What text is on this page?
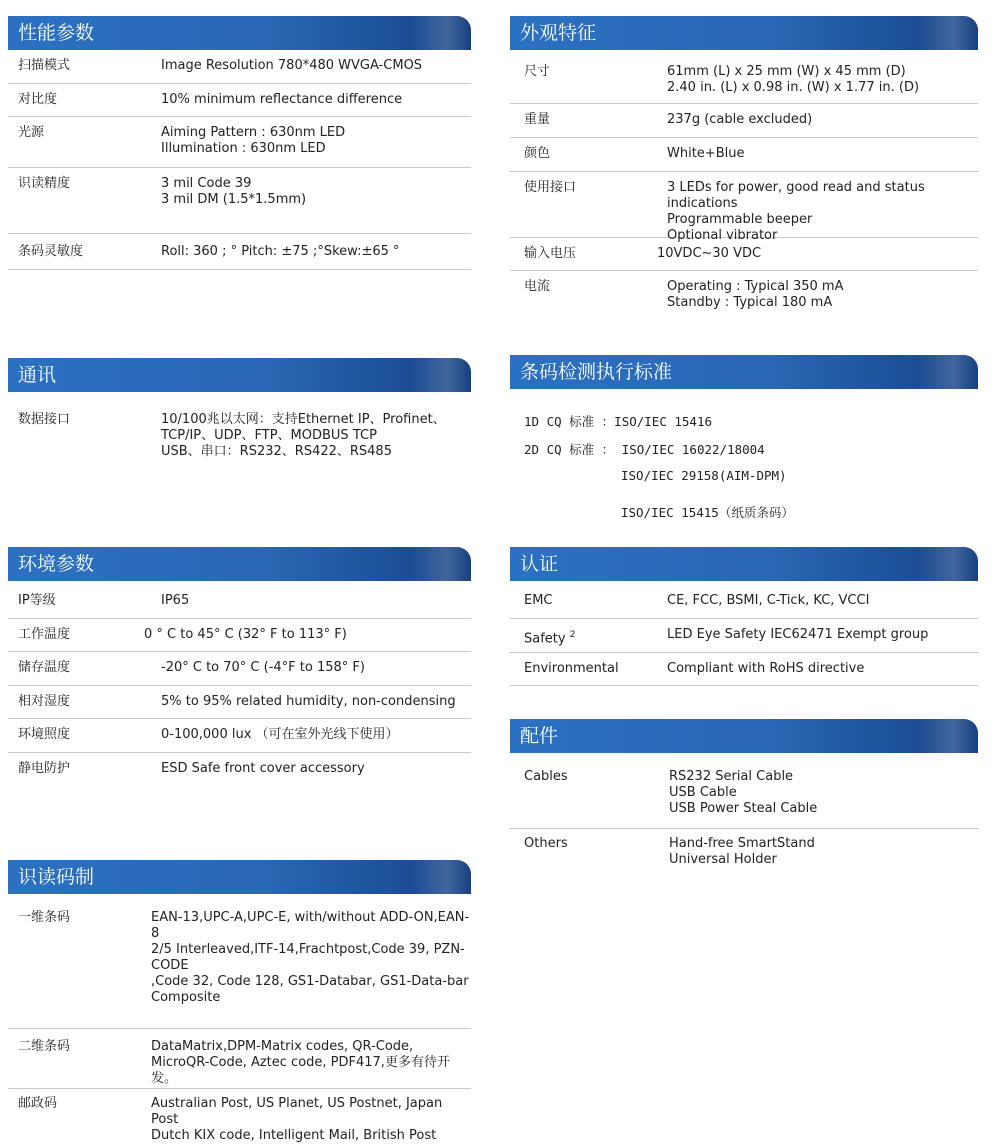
性能参数
扫描模式	Image Resolution 780*480 WVGA-CMOS
对比度	10% minimum reflectance difference
光源	Aiming Pattern : 630nm LED
Illumination : 630nm LED
识读精度	3 mil Code 39
3 mil DM (1.5*1.5mm)
条码灵敏度	Roll: 360 ; ° Pitch: ±75 ;°Skew:±65 °
外观特征
尺寸	61mm (L) x 25 mm (W) x 45 mm (D)
2.40 in. (L) x 0.98 in. (W) x 1.77 in. (D)
重量	237g (cable excluded)
颜色	White+Blue
使用接口	3 LEDs for power, good read and status indications
Programmable beeper
Optional vibrator
输入电压	10VDC~30 VDC
电流	Operating : Typical 350 mA
Standby : Typical 180 mA
通讯
数据接口	10/100兆以太网：支持Ethernet IP、Profinet、
TCP/IP、UDP、FTP、MODBUS TCP
USB、串口：RS232、RS422、RS485
条码检测执行标准
1D CQ 标准 ：ISO/IEC 15416
2D CQ 标准 ： ISO/IEC 16022/18004
ISO/IEC 29158(AIM-DPM)
ISO/IEC 15415（纸质条码）
环境参数
IP等级	IP65
工作温度	0 ° C to 45° C (32° F to 113° F)
储存温度	-20° C to 70° C (-4°F to 158° F)
相对湿度	5% to 95% related humidity, non-condensing
环境照度	0-100,000 lux （可在室外光线下使用）
静电防护	ESD Safe front cover accessory
认证
EMC	CE, FCC, BSMI, C-Tick, KC, VCCI
Safety $^2$	LED Eye Safety IEC62471 Exempt group
Environmental	Compliant with RoHS directive
配件
Cables	RS232 Serial Cable
USB Cable
USB Power Steal Cable
Others	Hand-free SmartStand
Universal Holder
识读码制
一维条码	EAN-13,UPC-A,UPC-E, with/without ADD-ON,EAN-8
2/5 Interleaved,ITF-14,Frachtpost,Code 39, PZN-CODE
,Code 32, Code 128, GS1-Databar, GS1-Data-bar
Composite
二维条码	DataMatrix,DPM-Matrix codes, QR-Code,
MicroQR-Code, Aztec code, PDF417,更多有待开发。
邮政码	Australian Post, US Planet, US Postnet, Japan Post
Dutch KIX code, Intelligent Mail, British Post
